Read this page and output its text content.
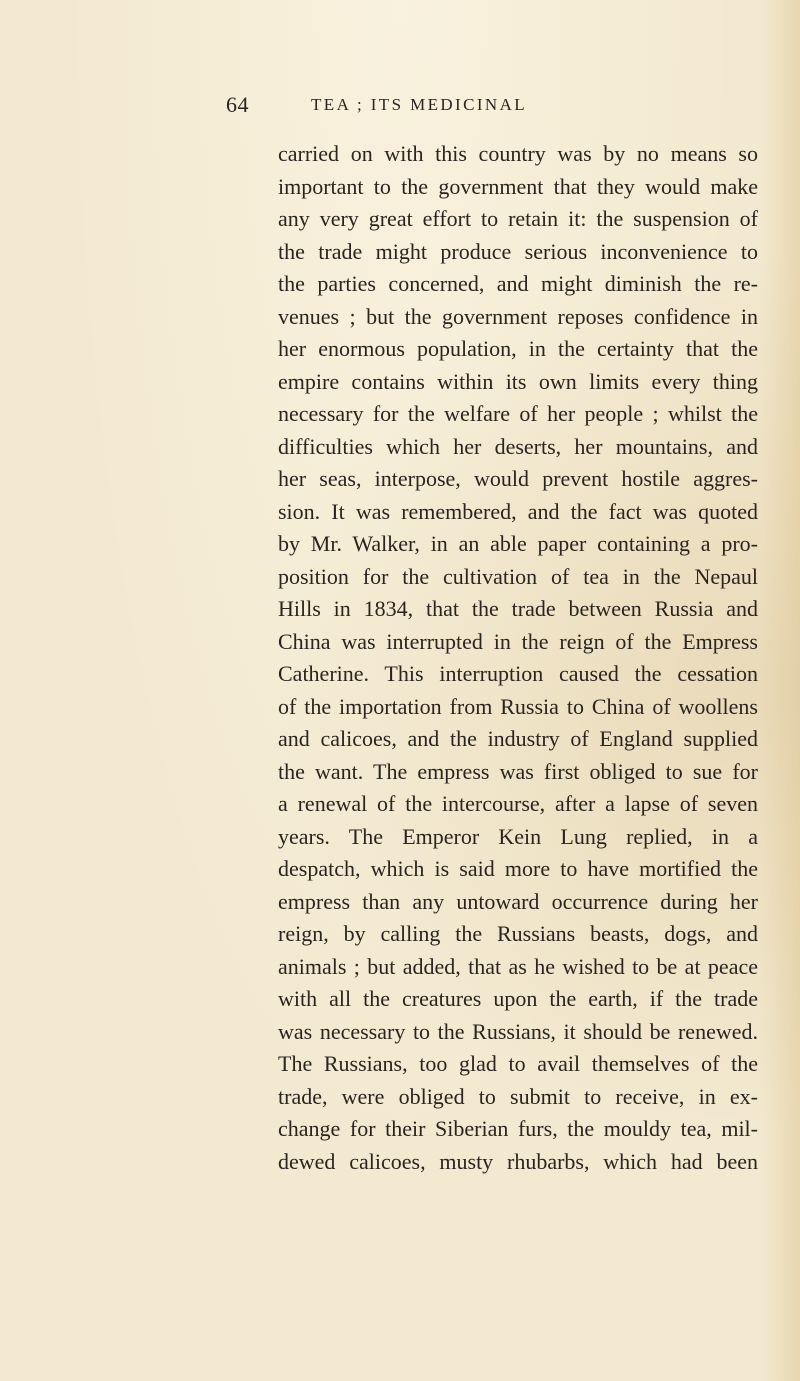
64	TEA ; ITS MEDICINAL
carried on with this country was by no means so
important to the government that they would make
any very great effort to retain it: the suspension of
the trade might produce serious inconvenience to
the parties concerned, and might diminish the re-
venues ; but the government reposes confidence in
her enormous population, in the certainty that the
empire contains within its own limits every thing
necessary for the welfare of her people ; whilst the
difficulties which her deserts, her mountains, and
her seas, interpose, would prevent hostile aggres-
sion. It was remembered, and the fact was quoted
by Mr. Walker, in an able paper containing a pro-
position for the cultivation of tea in the Nepaul
Hills in 1834, that the trade between Russia and
China was interrupted in the reign of the Empress
Catherine. This interruption caused the cessation
of the importation from Russia to China of woollens
and calicoes, and the industry of England supplied
the want. The empress was first obliged to sue for
a renewal of the intercourse, after a lapse of seven
years. The Emperor Kein Lung replied, in a
despatch, which is said more to have mortified the
empress than any untoward occurrence during her
reign, by calling the Russians beasts, dogs, and
animals ; but added, that as he wished to be at peace
with all the creatures upon the earth, if the trade
was necessary to the Russians, it should be renewed.
The Russians, too glad to avail themselves of the
trade, were obliged to submit to receive, in ex-
change for their Siberian furs, the mouldy tea, mil-
dewed calicoes, musty rhubarbs, which had been
